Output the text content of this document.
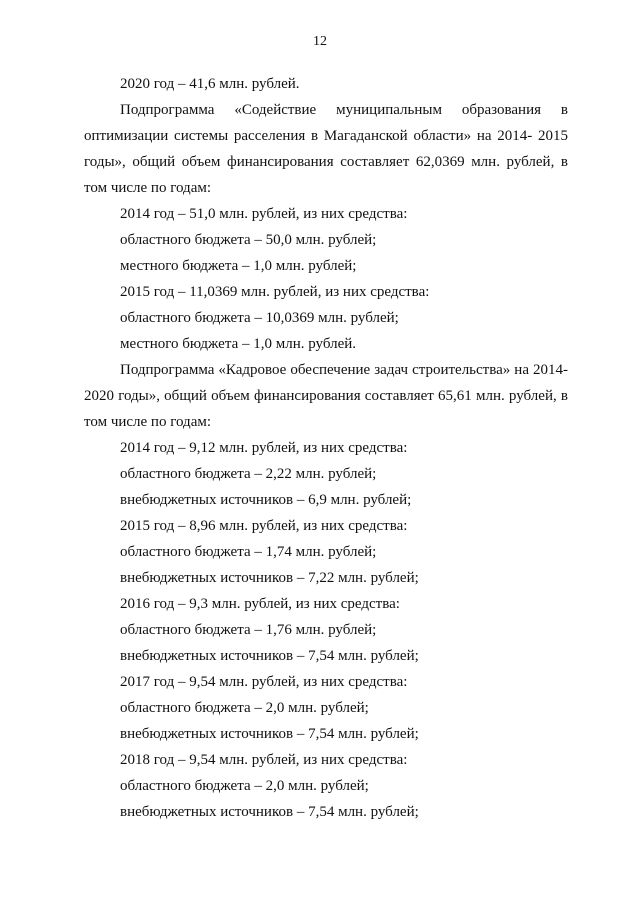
12
2020 год – 41,6 млн. рублей.
Подпрограмма «Содействие муниципальным образования в
оптимизации системы расселения в Магаданской области» на 2014- 2015
годы», общий объем финансирования составляет 62,0369 млн. рублей, в
том числе по годам:
2014 год – 51,0 млн. рублей, из них средства:
областного бюджета – 50,0 млн. рублей;
местного бюджета – 1,0 млн. рублей;
2015 год – 11,0369 млн. рублей, из них средства:
областного бюджета – 10,0369 млн. рублей;
местного бюджета – 1,0 млн. рублей.
Подпрограмма «Кадровое обеспечение задач строительства» на 2014-
2020 годы», общий объем финансирования составляет 65,61 млн. рублей, в
том числе по годам:
2014 год – 9,12 млн. рублей, из них средства:
областного бюджета – 2,22 млн. рублей;
внебюджетных источников – 6,9 млн. рублей;
2015 год – 8,96 млн. рублей, из них средства:
областного бюджета – 1,74 млн. рублей;
внебюджетных источников – 7,22 млн. рублей;
2016 год – 9,3 млн. рублей, из них средства:
областного бюджета – 1,76 млн. рублей;
внебюджетных источников – 7,54 млн. рублей;
2017 год – 9,54 млн. рублей, из них средства:
областного бюджета – 2,0 млн. рублей;
внебюджетных источников – 7,54 млн. рублей;
2018 год – 9,54 млн. рублей, из них средства:
областного бюджета – 2,0 млн. рублей;
внебюджетных источников – 7,54 млн. рублей;
